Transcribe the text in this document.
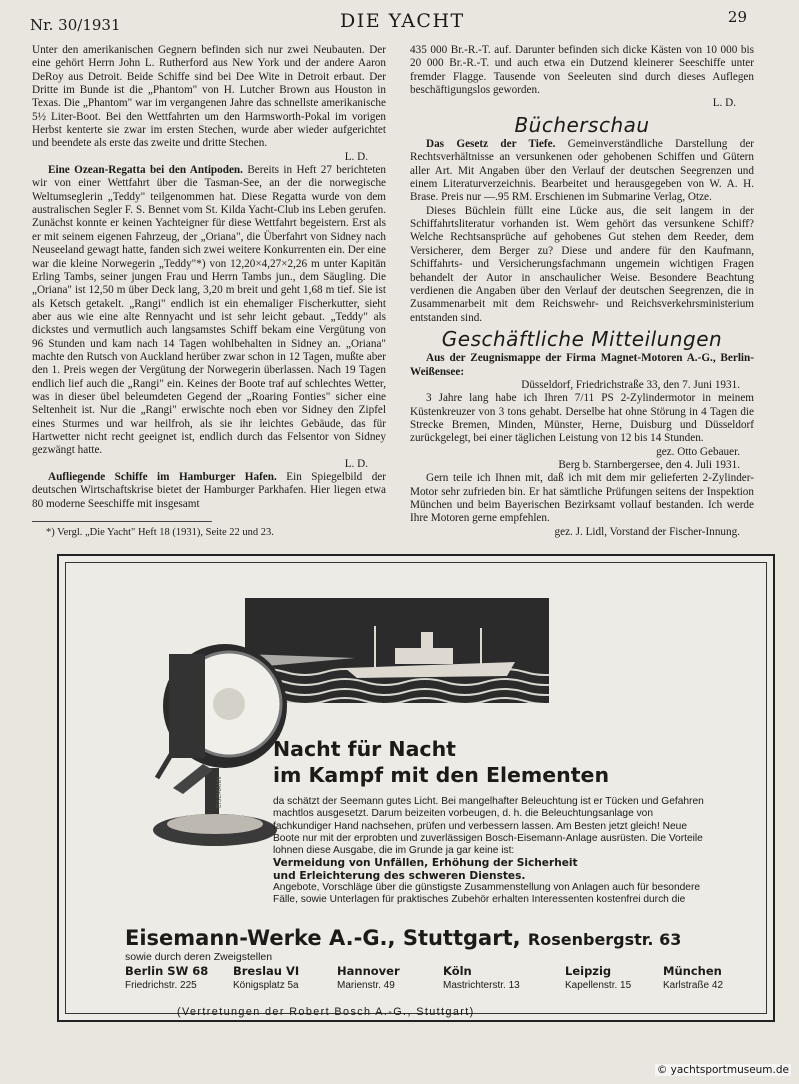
Nr. 30/1931	DIE YACHT	29

Unter den amerikanischen Gegnern befinden sich nur zwei Neubauten. Der eine gehört Herrn John L. Rutherford aus New York und der andere Aaron DeRoy aus Detroit. Beide Schiffe sind bei Dee Wite in Detroit erbaut. Der Dritte im Bunde ist die „Phantom" von H. Lutcher Brown aus Houston in Texas. Die „Phantom" war im vergangenen Jahre das schnellste amerikanische 5½ Liter-Boot. Bei den Wettfahrten um den Harmsworth-Pokal im vorigen Herbst kenterte sie zwar im ersten Stechen, wurde aber wieder aufgerichtet und beendete als erste das zweite und dritte Stechen.

L. D.

Eine Ozean-Regatta bei den Antipoden. Bereits in Heft 27 berichteten wir von einer Wettfahrt über die Tasman-See, an der die norwegische Weltumseglerin „Teddy" teilgenommen hat. Diese Regatta wurde von dem australischen Segler F. S. Bennet vom St. Kilda Yacht-Club ins Leben gerufen. Zunächst konnte er keinen Yachteigner für diese Wettfahrt begeistern. Erst als er mit seinem eigenen Fahrzeug, der „Oriana", die Überfahrt von Sidney nach Neuseeland gewagt hatte, fanden sich zwei weitere Konkurrenten ein. Der eine war die kleine Norwegerin „Teddy"*) von 12,20×4,27×2,26 m unter Kapitän Erling Tambs, seiner jungen Frau und Herrn Tambs jun., dem Säugling. Die „Oriana" ist 12,50 m über Deck lang, 3,20 m breit und geht 1,68 m tief. Sie ist als Ketsch getakelt. „Rangi" endlich ist ein ehemaliger Fischerkutter, sieht aber aus wie eine alte Rennyacht und ist sehr leicht gebaut. „Teddy" als dickstes und vermutlich auch langsamstes Schiff bekam eine Vergütung von 96 Stunden und kam nach 14 Tagen wohlbehalten in Sidney an. „Oriana" machte den Rutsch von Auckland herüber zwar schon in 12 Tagen, mußte aber den 1. Preis wegen der Vergütung der Norwegerin überlassen. Nach 19 Tagen endlich lief auch die „Rangi" ein. Keines der Boote traf auf schlechtes Wetter, was in dieser übel beleumdeten Gegend der „Roaring Fonties" sicher eine Seltenheit ist. Nur die „Rangi" erwischte noch eben vor Sidney den Zipfel eines Sturmes und war heilfroh, als sie ihr leichtes Gebäude, das für Hartwetter nicht recht geeignet ist, endlich durch das Felsentor von Sidney gezwängt hatte.

L. D.

Aufliegende Schiffe im Hamburger Hafen. Ein Spiegelbild der deutschen Wirtschaftskrise bietet der Hamburger Parkhafen. Hier liegen etwa 80 moderne Seeschiffe mit insgesamt

*) Vergl. „Die Yacht" Heft 18 (1931), Seite 22 und 23.

435 000 Br.-R.-T. auf. Darunter befinden sich dicke Kästen von 10 000 bis 20 000 Br.-R.-T. und auch etwa ein Dutzend kleinerer Seeschiffe unter fremder Flagge. Tausende von Seeleuten sind durch dieses Auflegen beschäftigungslos geworden.

L. D.

Bücherschau

Das Gesetz der Tiefe. Gemeinverständliche Darstellung der Rechtsverhältnisse an versunkenen oder gehobenen Schiffen und Gütern aller Art. Mit Angaben über den Verlauf der deutschen Seegrenzen und einem Literaturverzeichnis. Bearbeitet und herausgegeben von W. A. H. Brase. Preis nur —.95 RM. Erschienen im Submarine Verlag, Otze.

Dieses Büchlein füllt eine Lücke aus, die seit langem in der Schiffahrtsliteratur vorhanden ist. Wem gehört das versunkene Schiff? Welche Rechtsansprüche auf gehobenes Gut stehen dem Reeder, dem Versicherer, dem Berger zu? Diese und andere für den Kaufmann, Schiffahrts- und Versicherungsfachmann ungemein wichtigen Fragen behandelt der Autor in anschaulicher Weise. Besondere Beachtung verdienen die Angaben über den Verlauf der deutschen Seegrenzen, die in Zusammenarbeit mit dem Reichswehr- und Reichsverkehrsministerium entstanden sind.

Geschäftliche Mitteilungen

Aus der Zeugnismappe der Firma Magnet-Motoren A.-G., Berlin-Weißensee:

Düsseldorf, Friedrichstraße 33, den 7. Juni 1931.

3 Jahre lang habe ich Ihren 7/11 PS 2-Zylindermotor in meinem Küstenkreuzer von 3 tons gehabt. Derselbe hat ohne Störung in 4 Tagen die Strecke Bremen, Minden, Münster, Herne, Duisburg und Düsseldorf zurückgelegt, bei einer täglichen Leistung von 12 bis 14 Stunden.

gez. Otto Gebauer.

Berg b. Starnbergersee, den 4. Juli 1931.

Gern teile ich Ihnen mit, daß ich mit dem mir gelieferten 2-Zylinder-Motor sehr zufrieden bin. Er hat sämtliche Prüfungen seitens der Inspektion München und beim Bayerischen Bezirksamt vollauf bestanden. Ich werde Ihre Motoren gerne empfehlen.

gez. J. Lidl, Vorstand der Fischer-Innung.

EISEMANN
Nacht für Nacht
im Kampf mit den Elementen

da schätzt der Seemann gutes Licht. Bei mangelhafter Beleuchtung ist er Tücken und Gefahren machtlos ausgesetzt. Darum beizeiten vorbeugen, d. h. die Beleuchtungsanlage von fachkundiger Hand nachsehen, prüfen und verbessern lassen. Am Besten jetzt gleich! Neue Boote nur mit der erprobten und zuverlässigen Bosch-Eisemann-Anlage ausrüsten. Die Vorteile lohnen diese Ausgabe, die im Grunde ja gar keine ist:

Vermeidung von Unfällen, Erhöhung der Sicherheit

und Erleichterung des schweren Dienstes.

Angebote, Vorschläge über die günstigste Zusammenstellung von Anlagen auch für besondere Fälle, sowie Unterlagen für praktisches Zubehör erhalten Interessenten kostenfrei durch die

Eisemann-Werke A.-G., Stuttgart, Rosenbergstr. 63
sowie durch deren Zweigstellen
Berlin SW 68
Friedrichstr. 225
Breslau VI
Königsplatz 5a
Hannover
Marienstr. 49
Köln
Mastrichterstr. 13
Leipzig
Kapellenstr. 15
München
Karlstraße 42
(Vertretungen der Robert Bosch A.-G., Stuttgart)
© yachtsportmuseum.de
